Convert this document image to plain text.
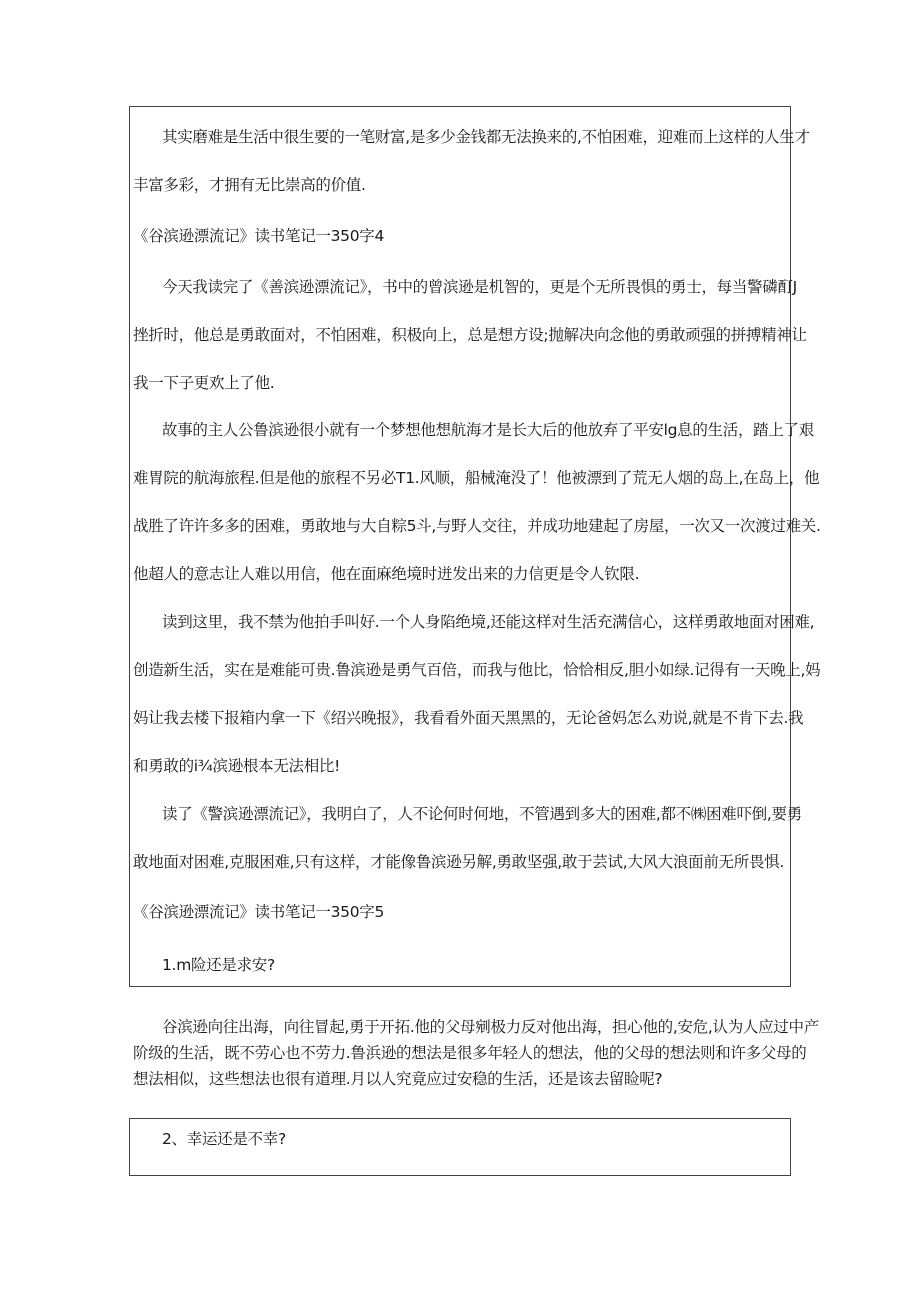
其实磨难是生活中很生要的一笔财富,是多少金钱都无法换来的,不怕困难，迎难而上这样的人生才
丰富多彩，才拥有无比崇高的价值.
《谷滨逊漂流记》读书笔记一350字4
今天我读完了《善滨逊漂流记》，书中的曾滨逊是机智的，更是个无所畏惧的勇士，每当警磷酊J
挫折时，他总是勇敢面对，不怕困难，积极向上，总是想方设;抛解决向念他的勇敢顽强的拼搏精神让
我一下子更欢上了他.
故事的主人公鲁滨逊很小就有一个梦想他想航海才是长大后的他放弃了平安lg息的生活，踏上了艰
难胃院的航海旅程.但是他的旅程不另必T1.风顺，船械淹没了！他被漂到了荒无人烟的岛上,在岛上，他
战胜了许许多多的困难，勇敢地与大自粽5斗,与野人交往，并成功地建起了房屋，一次又一次渡过难关.
他超人的意志让人难以用信，他在面麻绝境时迸发出来的力信更是令人钦限.
读到这里，我不禁为他拍手叫好.一个人身陷绝境,还能这样对生活充满信心，这样勇敢地面对困难,
创造新生活，实在是难能可贵.鲁滨逊是勇气百倍，而我与他比，恰恰相反,胆小如绿.记得有一天晚上,妈
妈让我去楼下报箱内拿一下《绍兴晚报》，我看看外面天黑黑的，无论爸妈怎么劝说,就是不肯下去.我
和勇敢的i¾滨逊根本无法相比!
读了《警滨逊漂流记》，我明白了，人不论何时何地，不管遇到多大的困难,都不㈱困难吓倒,要勇
敢地面对困难,克服困难,只有这样，才能像鲁滨逊另解,勇敢坚强,敢于芸试,大风大浪面前无所畏惧.
《谷滨逊漂流记》读书笔记一350字5
1.m险还是求安?
谷滨逊向往出海，向往冒起,勇于开拓.他的父母剜极力反对他出海，担心他的,安危,认为人应过中产
阶级的生活，既不劳心也不劳力.鲁浜逊的想法是很多年轻人的想法，他的父母的想法则和许多父母的
想法相似，这些想法也很有道理.月以人究竟应过安稳的生活，还是该去留睑呢?
2、幸运还是不幸?
